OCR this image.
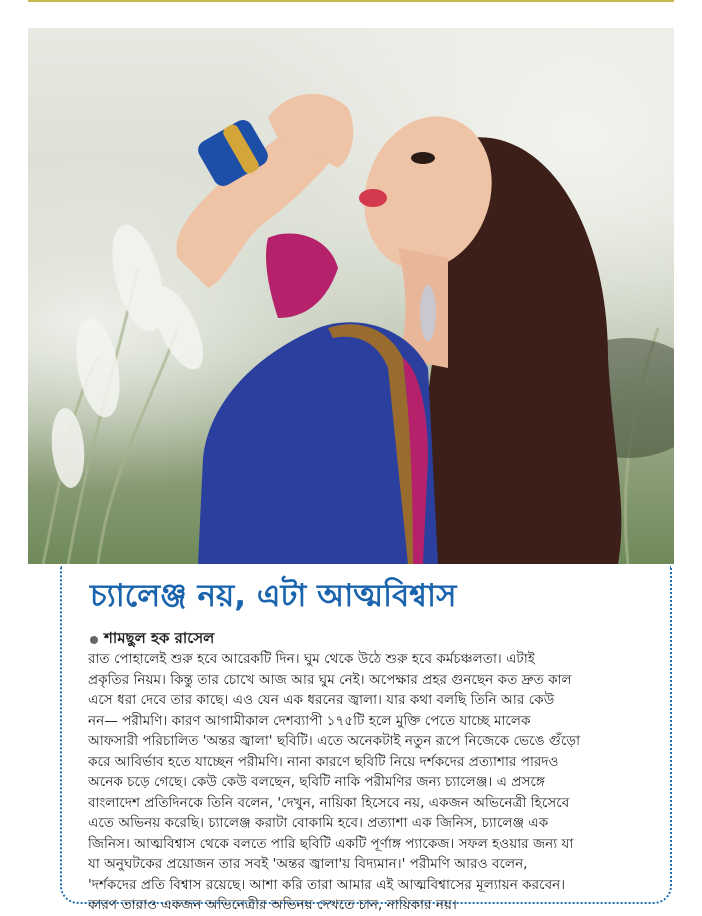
চ্যালেঞ্জ নয়, এটা আত্মবিশ্বাস
শামছুল হক রাসেল
রাত পোহালেই শুরু হবে আরেকটি দিন। ঘুম থেকে উঠে শুরু হবে কর্মচঞ্চলতা। এটাই
প্রকৃতির নিয়ম। কিন্তু তার চোখে আজ আর ঘুম নেই। অপেক্ষার প্রহর গুনছেন কত দ্রুত কাল
এসে ধরা দেবে তার কাছে। এও যেন এক ধরনের জ্বালা। যার কথা বলছি তিনি আর কেউ
নন— পরীমণি। কারণ আগামীকাল দেশব্যাপী ১৭৫টি হলে মুক্তি পেতে যাচ্ছে মালেক
আফসারী পরিচালিত 'অন্তর জ্বালা' ছবিটি। এতে অনেকটাই নতুন রূপে নিজেকে ভেঙে গুঁড়ো
করে আবির্ভাব হতে যাচ্ছেন পরীমণি। নানা কারণে ছবিটি নিয়ে দর্শকদের প্রত্যাশার পারদও
অনেক চড়ে গেছে। কেউ কেউ বলছেন, ছবিটি নাকি পরীমণির জন্য চ্যালেঞ্জ। এ প্রসঙ্গে
বাংলাদেশ প্রতিদিনকে তিনি বলেন, 'দেখুন, নায়িকা হিসেবে নয়, একজন অভিনেত্রী হিসেবে
এতে অভিনয় করেছি। চ্যালেঞ্জ করাটা বোকামি হবে। প্রত্যাশা এক জিনিস, চ্যালেঞ্জ এক
জিনিস। আত্মবিশ্বাস থেকে বলতে পারি ছবিটি একটি পূর্ণাঙ্গ প্যাকেজ। সফল হওয়ার জন্য যা
যা অনুঘটকের প্রয়োজন তার সবই 'অন্তর জ্বালা'য় বিদ্যমান।' পরীমণি আরও বলেন,
'দর্শকদের প্রতি বিশ্বাস রয়েছে। আশা করি তারা আমার এই আত্মবিশ্বাসের মূল্যায়ন করবেন।
কারণ তারাও একজন অভিনেত্রীর অভিনয় দেখতে চান, নায়িকার নয়।
